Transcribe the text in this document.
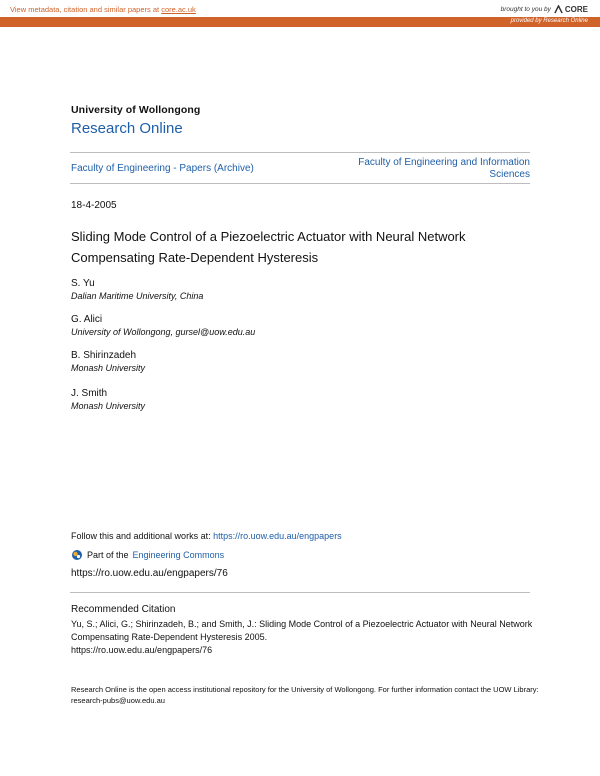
View metadata, citation and similar papers at core.ac.uk	brought to you by CORE
provided by Research Online
University of Wollongong
Research Online
Faculty of Engineering - Papers (Archive)
Faculty of Engineering and Information Sciences
18-4-2005
Sliding Mode Control of a Piezoelectric Actuator with Neural Network Compensating Rate-Dependent Hysteresis
S. Yu
Dalian Maritime University, China
G. Alici
University of Wollongong, gursel@uow.edu.au
B. Shirinzadeh
Monash University
J. Smith
Monash University
Follow this and additional works at: https://ro.uow.edu.au/engpapers
Part of the Engineering Commons
https://ro.uow.edu.au/engpapers/76
Recommended Citation
Yu, S.; Alici, G.; Shirinzadeh, B.; and Smith, J.: Sliding Mode Control of a Piezoelectric Actuator with Neural Network Compensating Rate-Dependent Hysteresis 2005.
https://ro.uow.edu.au/engpapers/76
Research Online is the open access institutional repository for the University of Wollongong. For further information contact the UOW Library: research-pubs@uow.edu.au
